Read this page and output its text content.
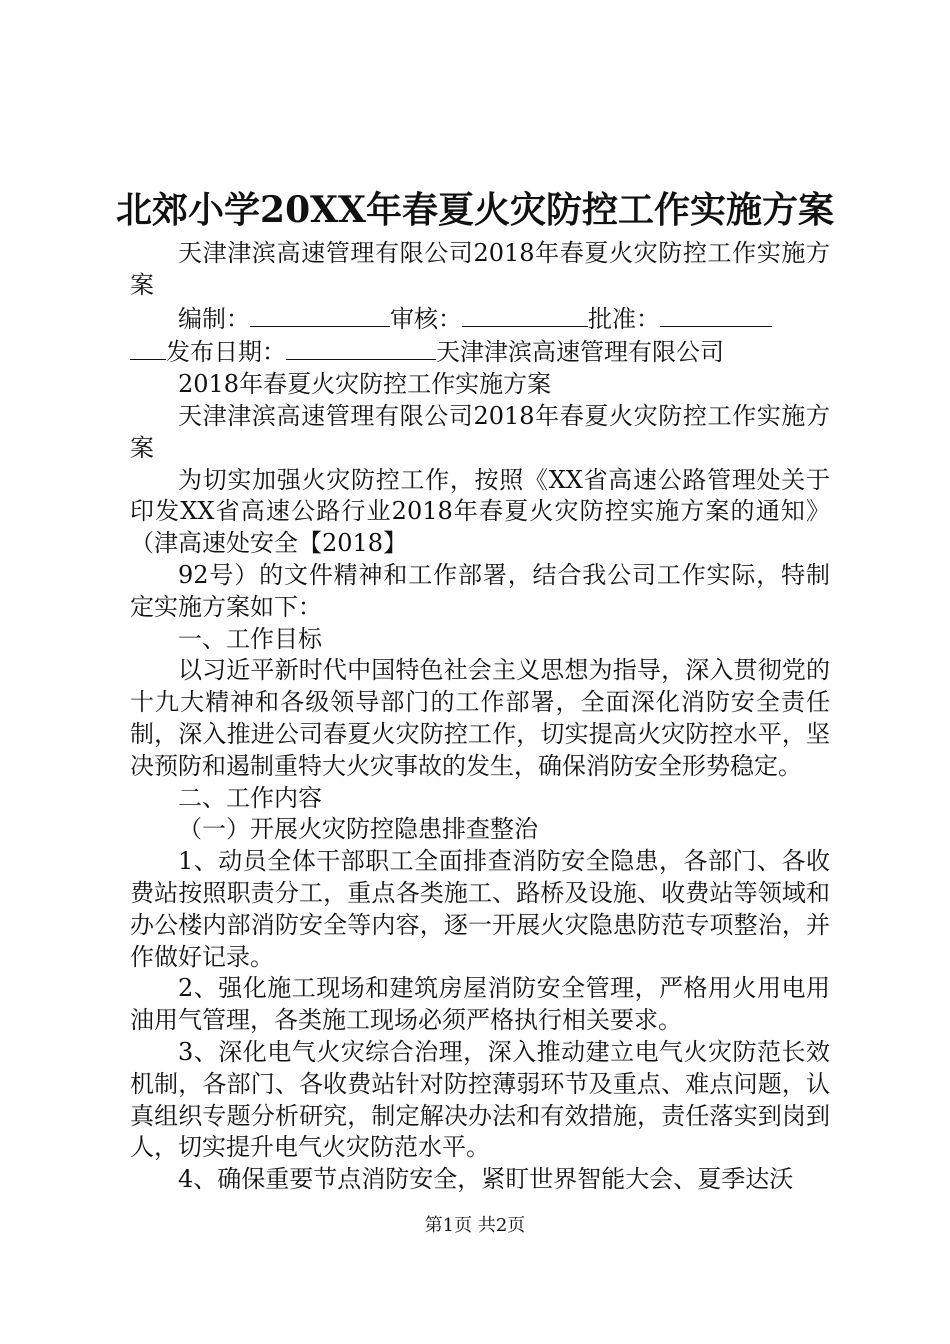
北郊小学20XX年春夏火灾防控工作实施方案

天津津滨高速管理有限公司2018年春夏火灾防控工作实施方案

编制：	审核：	批准：

发布日期：	天津津滨高速管理有限公司

2018年春夏火灾防控工作实施方案

天津津滨高速管理有限公司2018年春夏火灾防控工作实施方案

为切实加强火灾防控工作，按照《XX省高速公路管理处关于印发XX省高速公路行业2018年春夏火灾防控实施方案的通知》（津高速处安全【2018】

92号）的文件精神和工作部署，结合我公司工作实际，特制定实施方案如下：

一、工作目标

以习近平新时代中国特色社会主义思想为指导，深入贯彻党的十九大精神和各级领导部门的工作部署，全面深化消防安全责任制，深入推进公司春夏火灾防控工作，切实提高火灾防控水平，坚决预防和遏制重特大火灾事故的发生，确保消防安全形势稳定。

二、工作内容

（一）开展火灾防控隐患排查整治

1、动员全体干部职工全面排查消防安全隐患，各部门、各收费站按照职责分工，重点各类施工、路桥及设施、收费站等领域和办公楼内部消防安全等内容，逐一开展火灾隐患防范专项整治，并作做好记录。

2、强化施工现场和建筑房屋消防安全管理，严格用火用电用油用气管理，各类施工现场必须严格执行相关要求。

3、深化电气火灾综合治理，深入推动建立电气火灾防范长效机制，各部门、各收费站针对防控薄弱环节及重点、难点问题，认真组织专题分析研究，制定解决办法和有效措施，责任落实到岗到人，切实提升电气火灾防范水平。

4、确保重要节点消防安全，紧盯世界智能大会、夏季达沃

第1页 共2页
